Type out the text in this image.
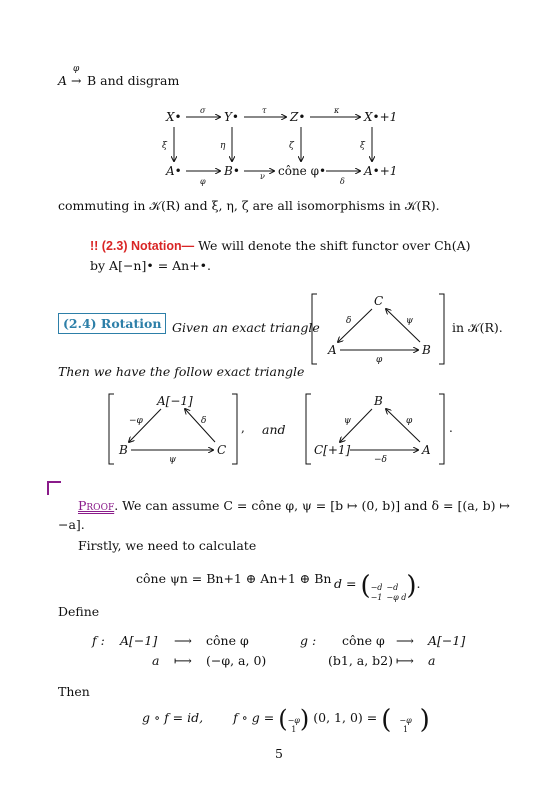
A
φ
→ B and disgram
X•	Y•	Z•	X•+1
σ	τ	κ
ξ	η	ζ	ξ
A•	B•	cône φ•	A•+1
φ
ν
δ
commuting in 𝒦(R) and ξ, η, ζ are all isomorphisms in 𝒦(R).
!! (2.3) Notation— We will denote the shift functor over Ch(A)
by A[−n]• = An+•.
(2.4) Rotation Given an exact triangle
C
A	B
δ	ψ
φ
in 𝒦(R).
Then we have the follow exact triangle
A[−1]
B	C
−φ	δ
ψ
, and
B
C[+1]	A
ψ	φ
−δ
.
Proof. We can assume C = cône φ, ψ = [b ↦ (0, b)] and δ = [(a, b) ↦
−a].
Firstly, we need to calculate
cône ψn = Bn+1 ⊕ An+1 ⊕ Bn d = ( −d −d
−1 −φ d ).
Define
f : A[−1] ⟶ cône φ
a ⟼ (−φ, a, 0)
g : cône φ ⟶ A[−1]
(b1, a, b2) ⟼ a
Then
g ∘ f = id, f ∘ g = ( −φ
1 ) (0, 1, 0) = ( −φ
1 )
5
